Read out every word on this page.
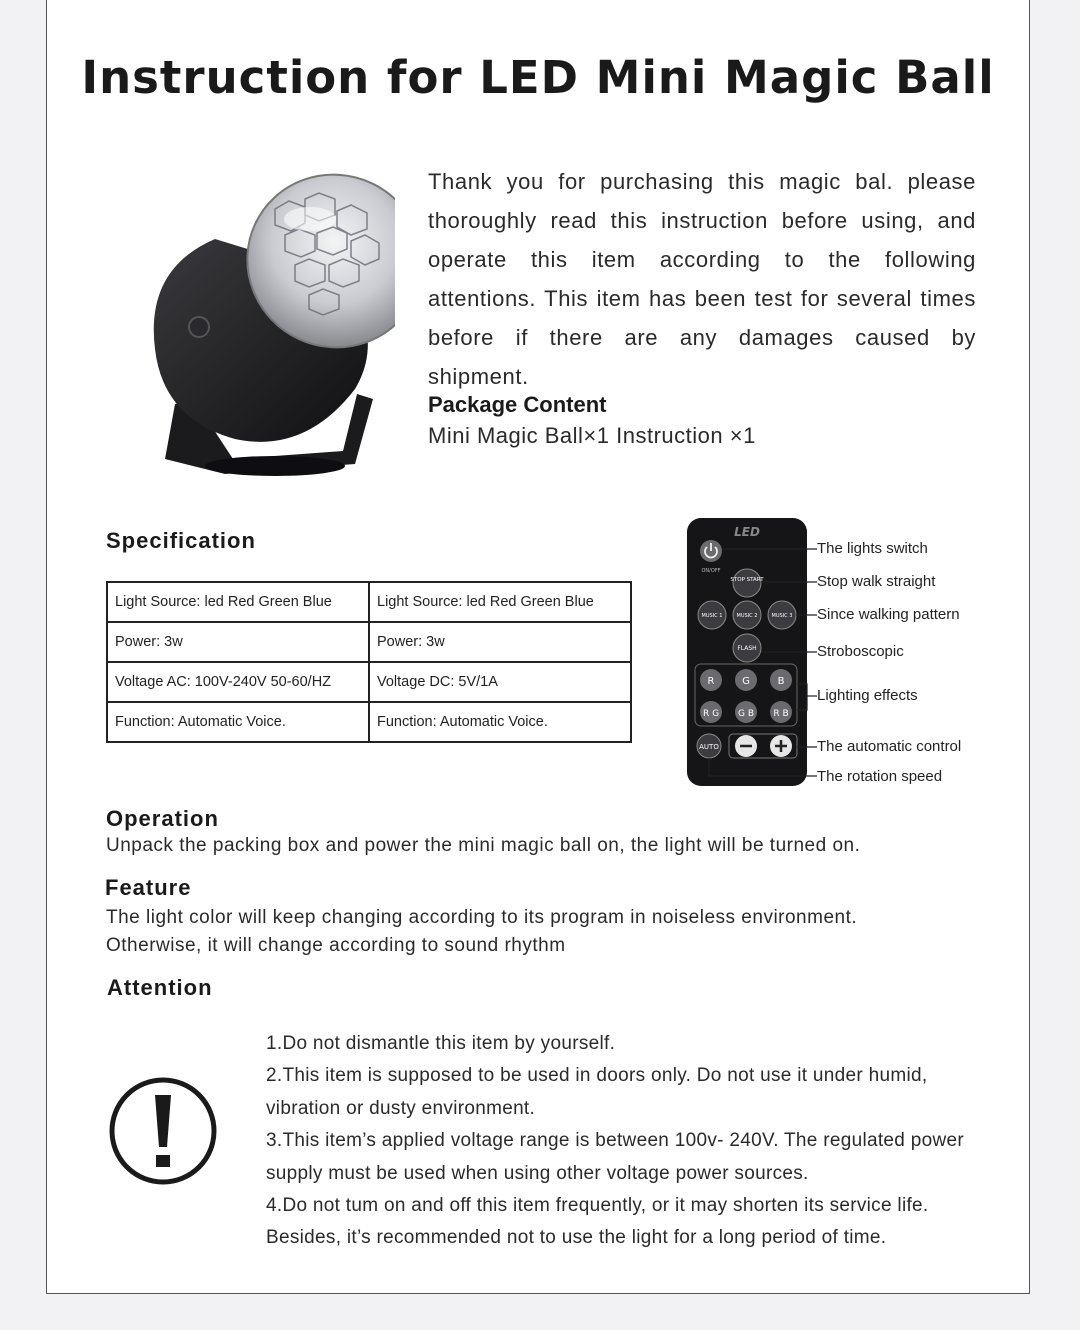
Instruction for LED Mini Magic Ball
Thank you for purchasing this magic bal. please thoroughly read this instruction before using, and operate this item according to the following attentions. This item has been test for several times before if there are any damages caused by shipment.
Package Content
Mini Magic Ball×1 Instruction ×1
Specification
Light Source: led Red Green Blue	Light Source: led Red Green Blue
Power: 3w	Power: 3w
Voltage AC: 100V-240V 50-60/HZ	Voltage DC: 5V/1A
Function: Automatic Voice.	Function: Automatic Voice.
LED
ON/OFF
STOP START
MUSIC 1	MUSIC 2	MUSIC 3
FLASH
R	G	B
R G G B R B
AUTO
The lights switch
Stop walk straight
Since walking pattern
Stroboscopic
Lighting effects
The automatic control
The rotation speed
Operation
Unpack the packing box and power the mini magic ball on, the light will be turned on.
Feature
The light color will keep changing according to its program in noiseless environment.
Otherwise, it will change according to sound rhythm
Attention

1.Do not dismantle this item by yourself.

2.This item is supposed to be used in doors only. Do not use it under humid, vibration or dusty environment.

3.This item’s applied voltage range is between 100v- 240V. The regulated power supply must be used when using other voltage power sources.

4.Do not tum on and off this item frequently, or it may shorten its service life. Besides, it’s recommended not to use the light for a long period of time.
